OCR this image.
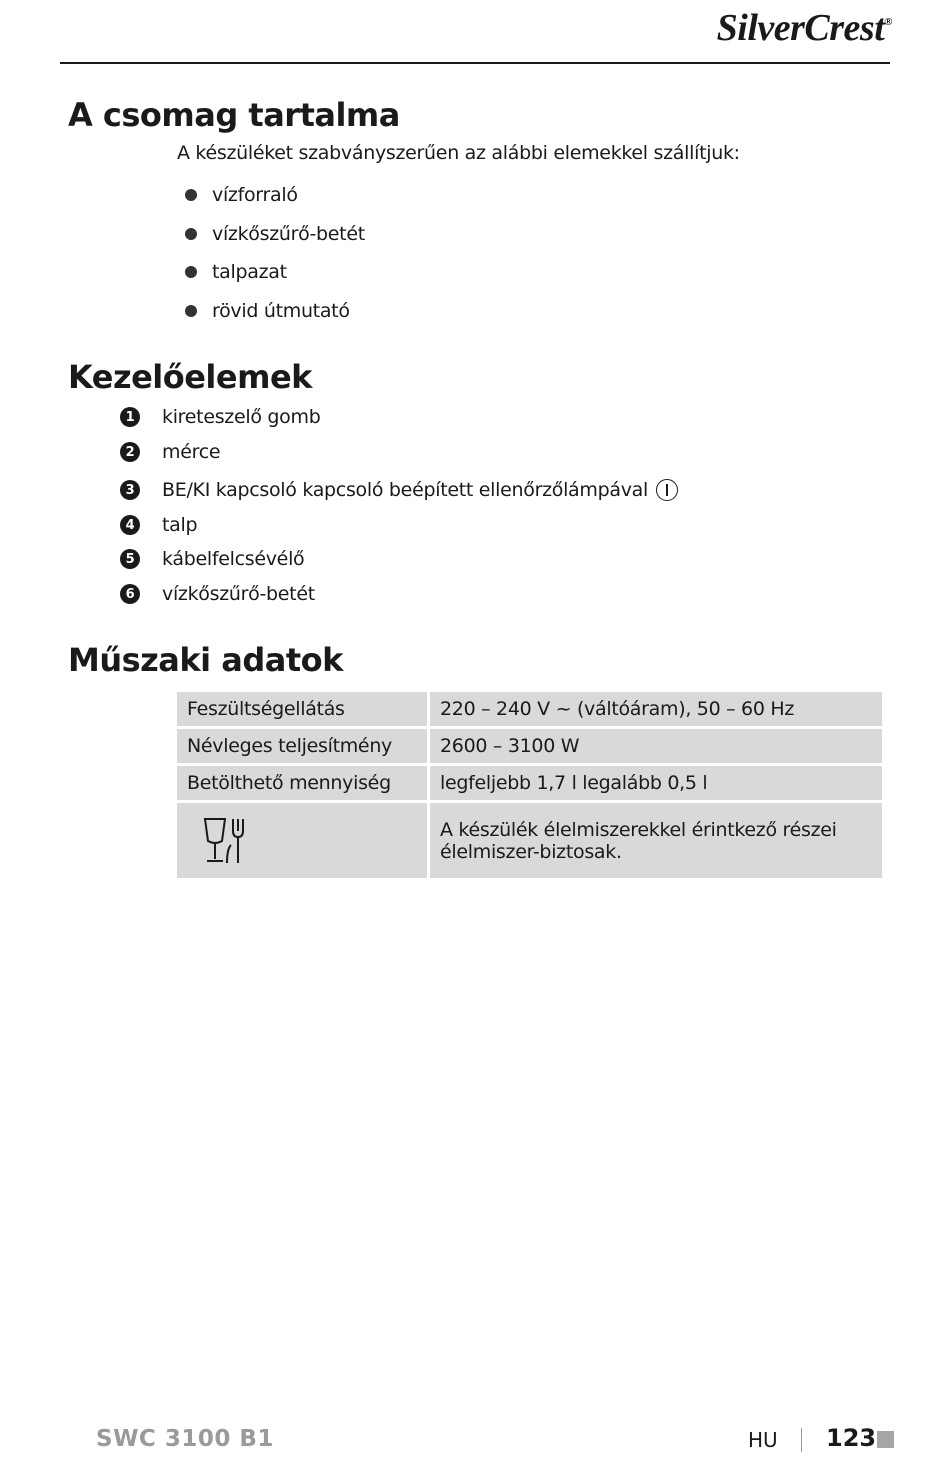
SilverCrest®
A csomag tartalma
A készüléket szabványszerűen az alábbi elemekkel szállítjuk:
vízforraló
vízkőszűrő-betét
talpazat
rövid útmutató
Kezelőelemek
1 kireteszelő gomb
2 mérce
3 BE/KI kapcsoló kapcsoló beépített ellenőrzőlámpával
4 talp
5 kábelfelcsévélő
6 vízkőszűrő-betét
Műszaki adatok
Feszültségellátás	220 – 240 V ~ (váltóáram), 50 – 60 Hz
Névleges teljesítmény	2600 – 3100 W
Betölthető mennyiség	legfeljebb 1,7 l legalább 0,5 l

A készülék élelmiszerekkel érintkező részei
élelmiszer-biztosak.
SWC 3100 B1	HU 123
